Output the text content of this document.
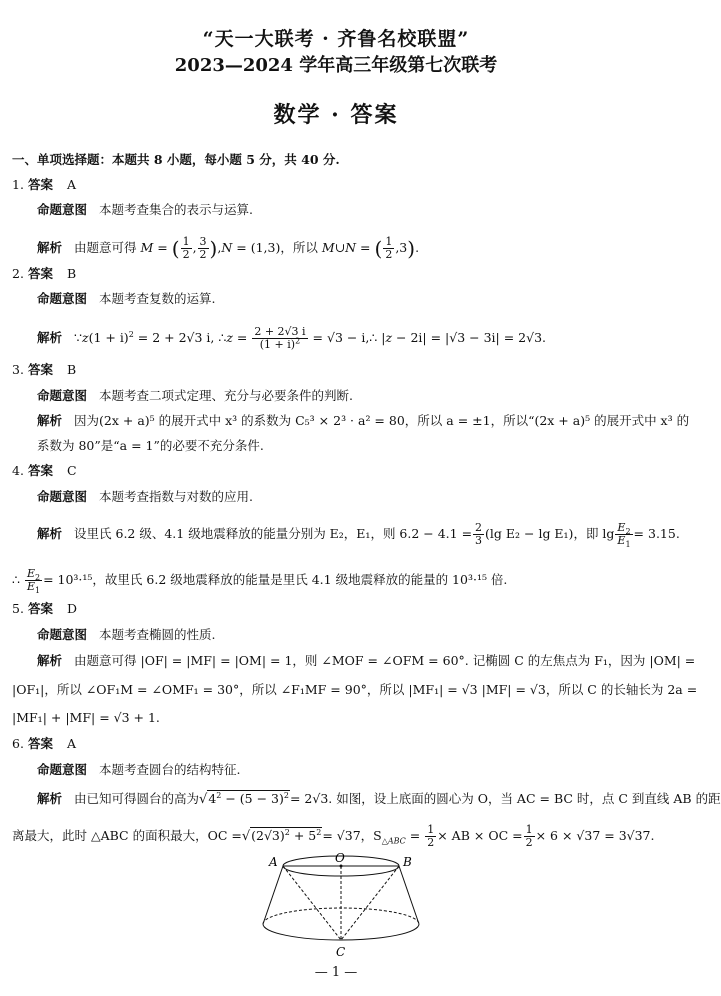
“天一大联考 · 齐鲁名校联盟”
2023—2024 学年高三年级第七次联考
数学 · 答案
一、单项选择题：本题共 8 小题，每小题 5 分，共 40 分.
1. 答案 A
命题意图 本题考查集合的表示与运算.
解析 由题意可得 M = ( $\frac{1}{2}$ , $\frac{3}{2} ),N = (1,3)$，所以 M∪N = ( $\frac{1}{2} ,3$).
2. 答案 B
命题意图 本题考查复数的运算.
解析 ∵z(1 + i)$^2$ = 2 + 2√3 i, ∴z = $\frac{2 + 2√3 i}{(1 + i)^2} = √3$ − i,∴ |z − 2i| = |√3 − 3i| = 2√3.
3. 答案 B
命题意图 本题考查二项式定理、充分与必要条件的判断.
解析 因为(2x + a)⁵ 的展开式中 x³ 的系数为 C₅³ × 2³ · a² = 80，所以 a = ±1，所以“(2x + a)⁵ 的展开式中 x³ 的
系数为 80”是“a = 1”的必要不充分条件.
4. 答案 C
命题意图 本题考查指数与对数的应用.
解析 设里氏 6.2 级、4.1 级地震释放的能量分别为 E₂，E₁，则 $6.2 - 4.1 = \frac{2}{3} (\lg$ E₂ − lg E₁)，即 $\lg \frac{E_2}{E_1} = 3.15$.
∴ $\frac{E_2}{E_1} = 10^3\cdot^{15}$，故里氏 6.2 级地震释放的能量是里氏 4.1 级地震释放的能量的 10³·¹⁵ 倍.
5. 答案 D
命题意图 本题考查椭圆的性质.
解析 由题意可得 |OF| = |MF| = |OM| = 1，则 ∠MOF = ∠OFM = 60°. 记椭圆 C 的左焦点为 F₁，因为 |OM| =
|OF₁|，所以 ∠OF₁M = ∠OMF₁ = 30°，所以 ∠F₁MF = 90°，所以 |MF₁| = √3 |MF| = √3，所以 C 的长轴长为 2a =
|MF₁| + |MF| = √3 + 1.
6. 答案 A
命题意图 本题考查圆台的结构特征.
解析 由已知可得圆台的高为$√4^2 - (5 - 3)^2= 2√3$. 如图，设上底面的圆心为 O，当 AC = BC 时，点 C 到直线 AB 的距
离最大，此时 △ABC 的面积最大，OC $=√(2√3)^2 + 5^2= √37$，$S_{\triangle ABC} = \frac{1}{2}$ × AB × OC = $\frac{1}{2} \times 6 \times √37 = 3√37$.
A	O	B
C
— 1 —
